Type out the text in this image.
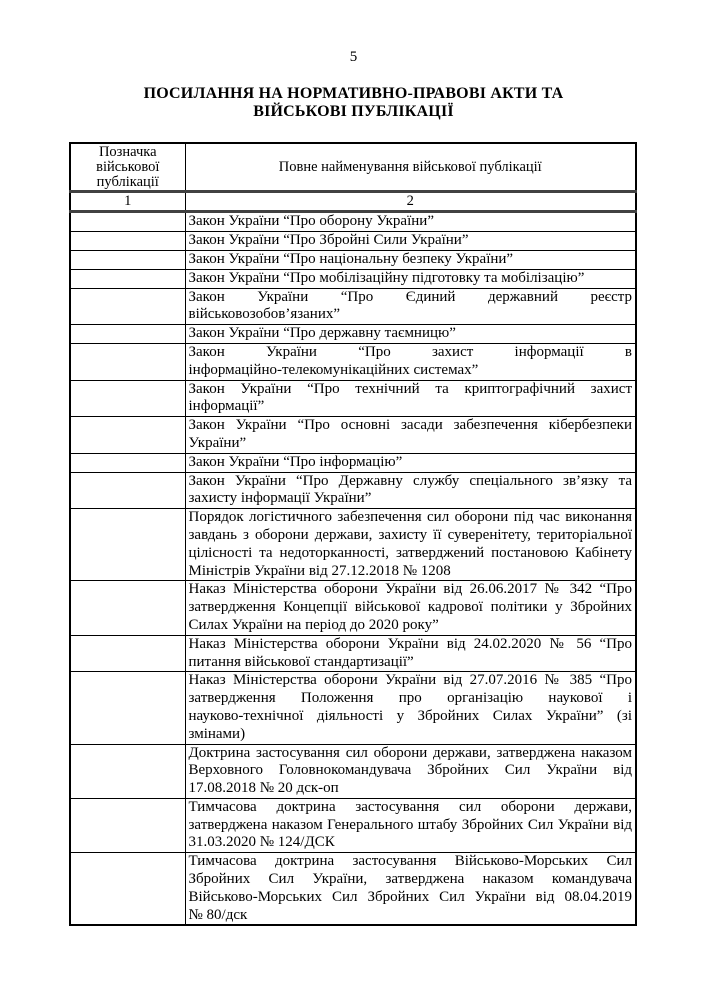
5
ПОСИЛАННЯ НА НОРМАТИВНО-ПРАВОВІ АКТИ ТА
ВІЙСЬКОВІ ПУБЛІКАЦІЇ
Позначка військової публікації	Повне найменування військової публікації
1	2
	Закон України “Про оборону України”
	Закон України “Про Збройні Сили України”
	Закон України “Про національну безпеку України”
	Закон України “Про мобілізаційну підготовку та мобілізацію”
	Закон України “Про Єдиний державний реєстр військовозобов’язаних”
	Закон України “Про державну таємницю”
	Закон України “Про захист інформації в інформаційно-⁠телекомунікаційних системах”
	Закон України “Про технічний та криптографічний захист інформації”
	Закон України “Про основні засади забезпечення кібербезпеки України”
	Закон України “Про інформацію”
	Закон України “Про Державну службу спеціального зв’язку та захисту інформації України”
	Порядок логістичного забезпечення сил оборони під час виконання завдань з оборони держави, захисту її суверенітету, територіальної цілісності та недоторканності, затверджений постановою Кабінету Міністрів України від 27.12.2018 № 1208
	Наказ Міністерства оборони України від 26.06.2017 № 342 “Про затвердження Концепції військової кадрової політики у Збройних Силах України на період до 2020 року”
	Наказ Міністерства оборони України від 24.02.2020 № 56 “Про питання військової стандартизації”
	Наказ Міністерства оборони України від 27.07.2016 № 385 “Про затвердження Положення про організацію наукової і науково-⁠технічної діяльності у Збройних Силах України” (зі змінами)
	Доктрина застосування сил оборони держави, затверджена наказом Верховного Головнокомандувача Збройних Сил України від 17.08.2018 № 20 дск-оп
	Тимчасова доктрина застосування сил оборони держави, затверджена наказом Генерального штабу Збройних Сил України від 31.03.2020 № 124/ДСК
	Тимчасова доктрина застосування Військово-⁠Морських Сил Збройних Сил України, затверджена наказом командувача Військово-⁠Морських Сил Збройних Сил України від 08.04.2019 № 80/дск
